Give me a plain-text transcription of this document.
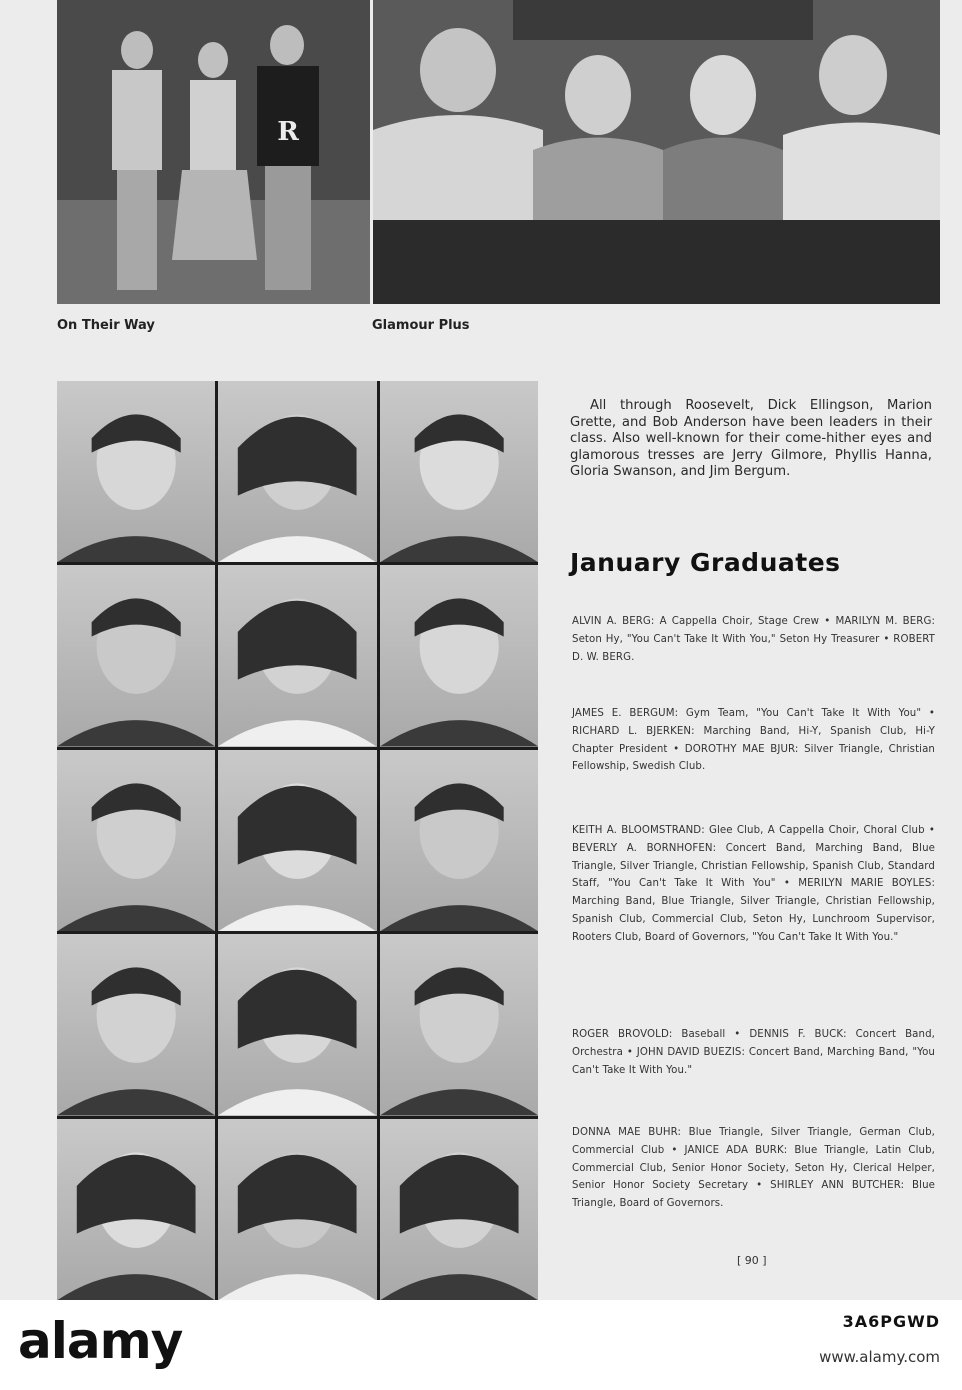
R
On Their Way	Glamour Plus
All through Roosevelt, Dick Ellingson, Marion Grette, and Bob Anderson have been leaders in their class. Also well-known for their come-hither eyes and glamorous tresses are Jerry Gilmore, Phyllis Hanna, Gloria Swanson, and Jim Bergum.
January Graduates
ALVIN A. BERG: A Cappella Choir, Stage Crew • MARILYN M. BERG: Seton Hy, "You Can't Take It With You," Seton Hy Treasurer • ROBERT D. W. BERG.
JAMES E. BERGUM: Gym Team, "You Can't Take It With You" • RICHARD L. BJERKEN: Marching Band, Hi-Y, Spanish Club, Hi-Y Chapter President • DOROTHY MAE BJUR: Silver Triangle, Christian Fellowship, Swedish Club.
KEITH A. BLOOMSTRAND: Glee Club, A Cappella Choir, Choral Club • BEVERLY A. BORNHOFEN: Concert Band, Marching Band, Blue Triangle, Silver Triangle, Christian Fellowship, Spanish Club, Standard Staff, "You Can't Take It With You" • MERILYN MARIE BOYLES: Marching Band, Blue Triangle, Silver Triangle, Christian Fellowship, Spanish Club, Commercial Club, Seton Hy, Lunchroom Supervisor, Rooters Club, Board of Governors, "You Can't Take It With You."
ROGER BROVOLD: Baseball • DENNIS F. BUCK: Concert Band, Orchestra • JOHN DAVID BUEZIS: Concert Band, Marching Band, "You Can't Take It With You."
DONNA MAE BUHR: Blue Triangle, Silver Triangle, German Club, Commercial Club • JANICE ADA BURK: Blue Triangle, Latin Club, Commercial Club, Senior Honor Society, Seton Hy, Clerical Helper, Senior Honor Society Secretary • SHIRLEY ANN BUTCHER: Blue Triangle, Board of Governors.
[ 90 ]
alamy	3A6PGWD
www.alamy.com
